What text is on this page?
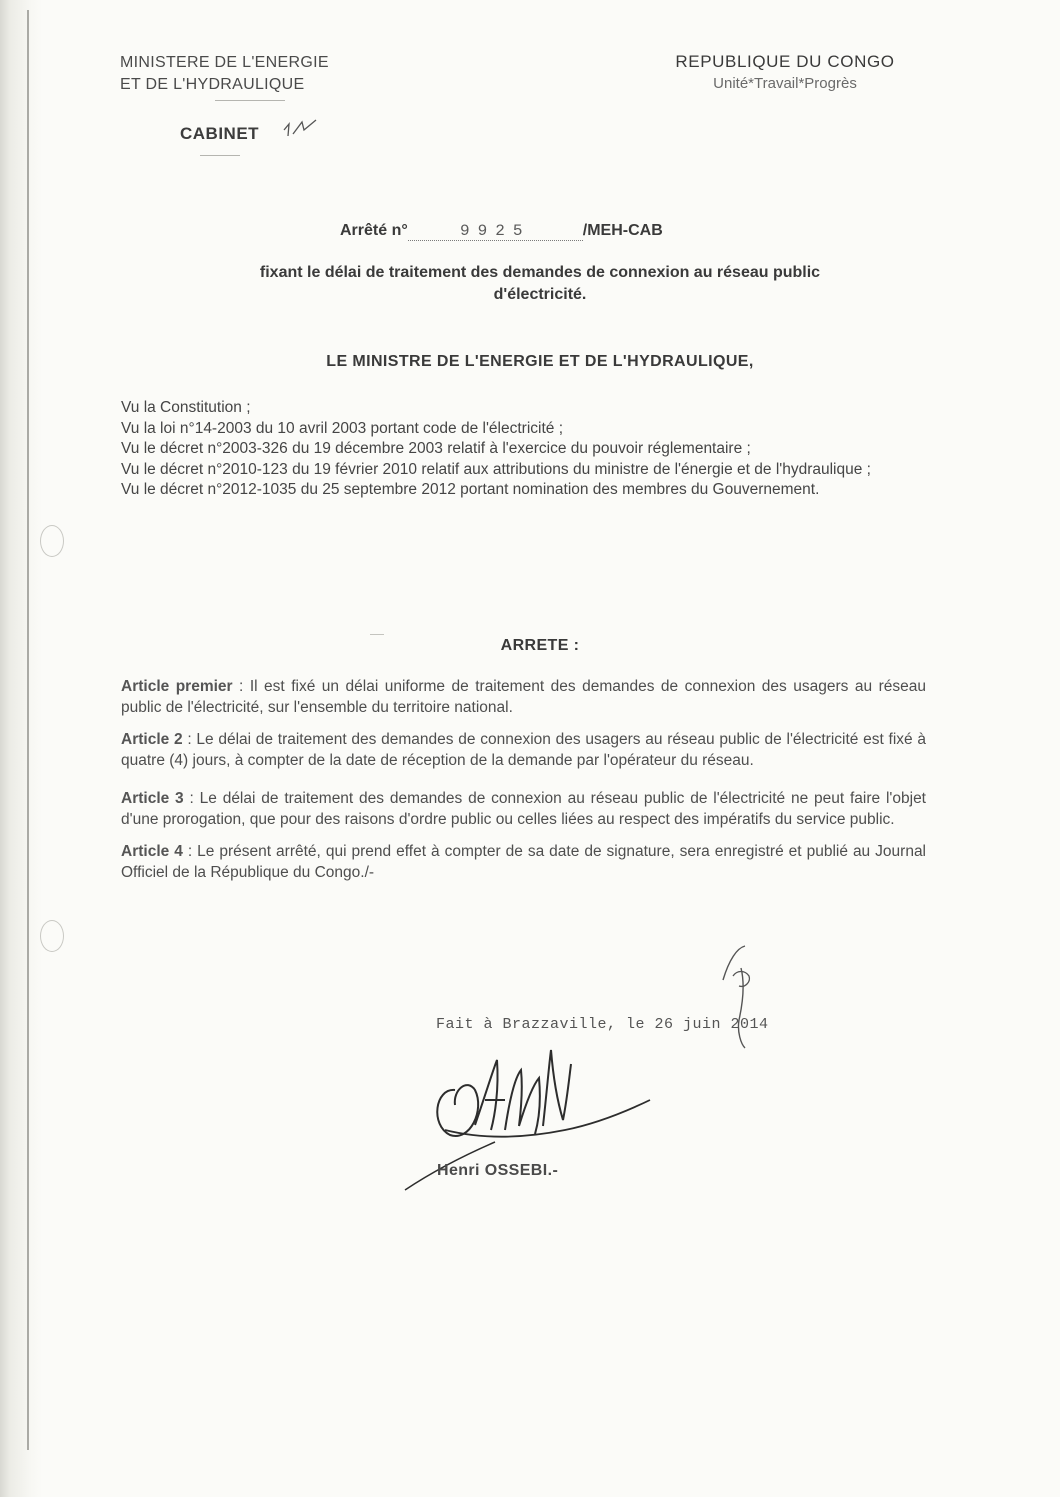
MINISTERE DE L'ENERGIE
ET DE L'HYDRAULIQUE
CABINET
REPUBLIQUE DU CONGO
Unité*Travail*Progrès
Arrêté n°	9925	/MEH-CAB
fixant le délai de traitement des demandes de connexion au réseau public
d'électricité.
LE MINISTRE DE L'ENERGIE ET DE L'HYDRAULIQUE,

Vu la Constitution ;

Vu la loi n°14-2003 du 10 avril 2003 portant code de l'électricité ;

Vu le décret n°2003-326 du 19 décembre 2003 relatif à l'exercice du pouvoir réglementaire ;

Vu le décret n°2010-123 du 19 février 2010 relatif aux attributions du ministre de l'énergie et de l'hydraulique ;

Vu le décret n°2012-1035 du 25 septembre 2012 portant nomination des membres du Gouvernement.

ARRETE :

Article premier : Il est fixé un délai uniforme de traitement des demandes de connexion des usagers au réseau public de l'électricité, sur l'ensemble du territoire national.

Article 2 : Le délai de traitement des demandes de connexion des usagers au réseau public de l'électricité est fixé à quatre (4) jours, à compter de la date de réception de la demande par l'opérateur du réseau.

Article 3 : Le délai de traitement des demandes de connexion au réseau public de l'électricité ne peut faire l'objet d'une prorogation, que pour des raisons d'ordre public ou celles liées au respect des impératifs du service public.

Article 4 : Le présent arrêté, qui prend effet à compter de sa date de signature, sera enregistré et publié au Journal Officiel de la République du Congo./-

Fait à Brazzaville, le 26 juin 2014
Henri OSSEBI.-
